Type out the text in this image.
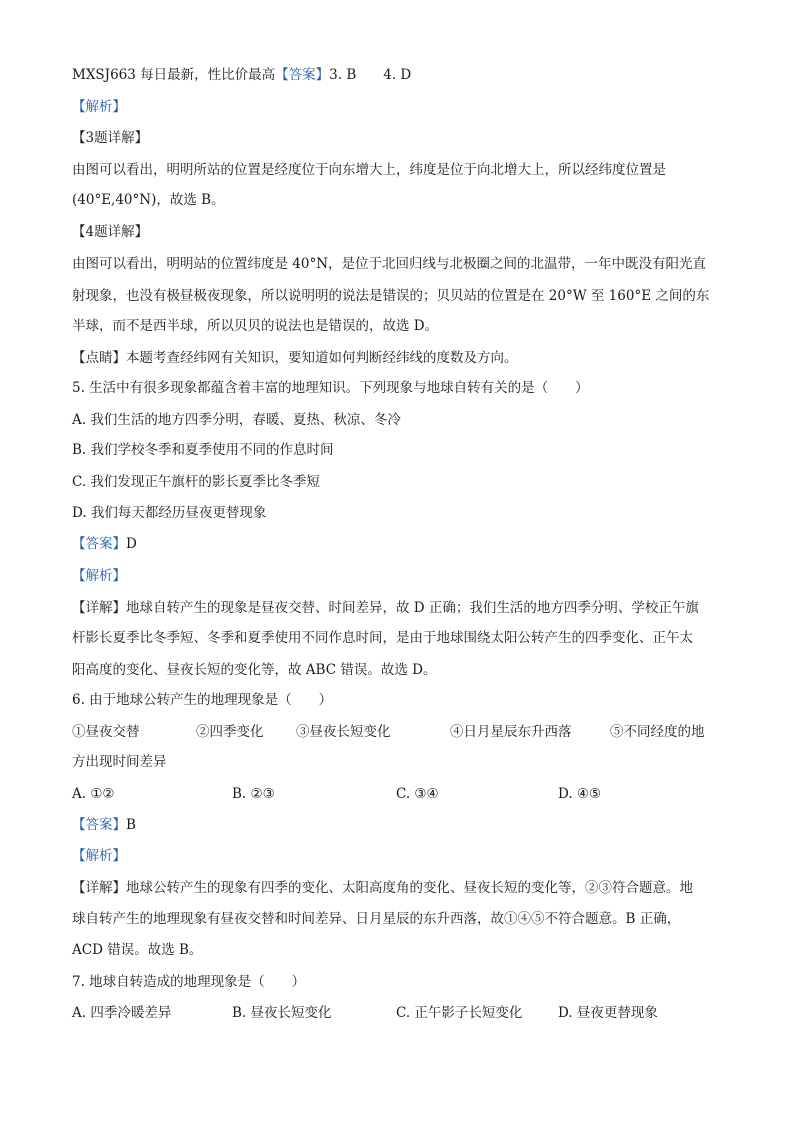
MXSJ663 每日最新，性比价最高【答案】3. B　　4. D
【解析】
【3题详解】
由图可以看出，明明所站的位置是经度位于向东增大上，纬度是位于向北增大上，所以经纬度位置是
(40°E,40°N)，故选 B。
【4题详解】
由图可以看出，明明站的位置纬度是 40°N，是位于北回归线与北极圈之间的北温带，一年中既没有阳光直
射现象，也没有极昼极夜现象，所以说明明的说法是错误的；贝贝站的位置是在 20°W 至 160°E 之间的东
半球，而不是西半球，所以贝贝的说法也是错误的，故选 D。
【点睛】本题考查经纬网有关知识，要知道如何判断经纬线的度数及方向。
5. 生活中有很多现象都蕴含着丰富的地理知识。下列现象与地球自转有关的是（　　）
A. 我们生活的地方四季分明，春暖、夏热、秋凉、冬冷
B. 我们学校冬季和夏季使用不同的作息时间
C. 我们发现正午旗杆的影长夏季比冬季短
D. 我们每天都经历昼夜更替现象
【答案】D
【解析】
【详解】地球自转产生的现象是昼夜交替、时间差异，故 D 正确；我们生活的地方四季分明、学校正午旗
杆影长夏季比冬季短、冬季和夏季使用不同作息时间，是由于地球围绕太阳公转产生的四季变化、正午太
阳高度的变化、昼夜长短的变化等，故 ABC 错误。故选 D。
6. 由于地球公转产生的地理现象是（　　）
①昼夜交替	②四季变化 ③昼夜长短变化	④日月星辰东升西落	⑤不同经度的地
方出现时间差异
A. ①②	B. ②③	C. ③④	D. ④⑤
【答案】B
【解析】
【详解】地球公转产生的现象有四季的变化、太阳高度角的变化、昼夜长短的变化等，②③符合题意。地
球自转产生的地理现象有昼夜交替和时间差异、日月星辰的东升西落，故①④⑤不符合题意。B 正确，
ACD 错误。故选 B。
7. 地球自转造成的地理现象是（　　）
A. 四季冷暖差异	B. 昼夜长短变化	C. 正午影子长短变化	D. 昼夜更替现象
